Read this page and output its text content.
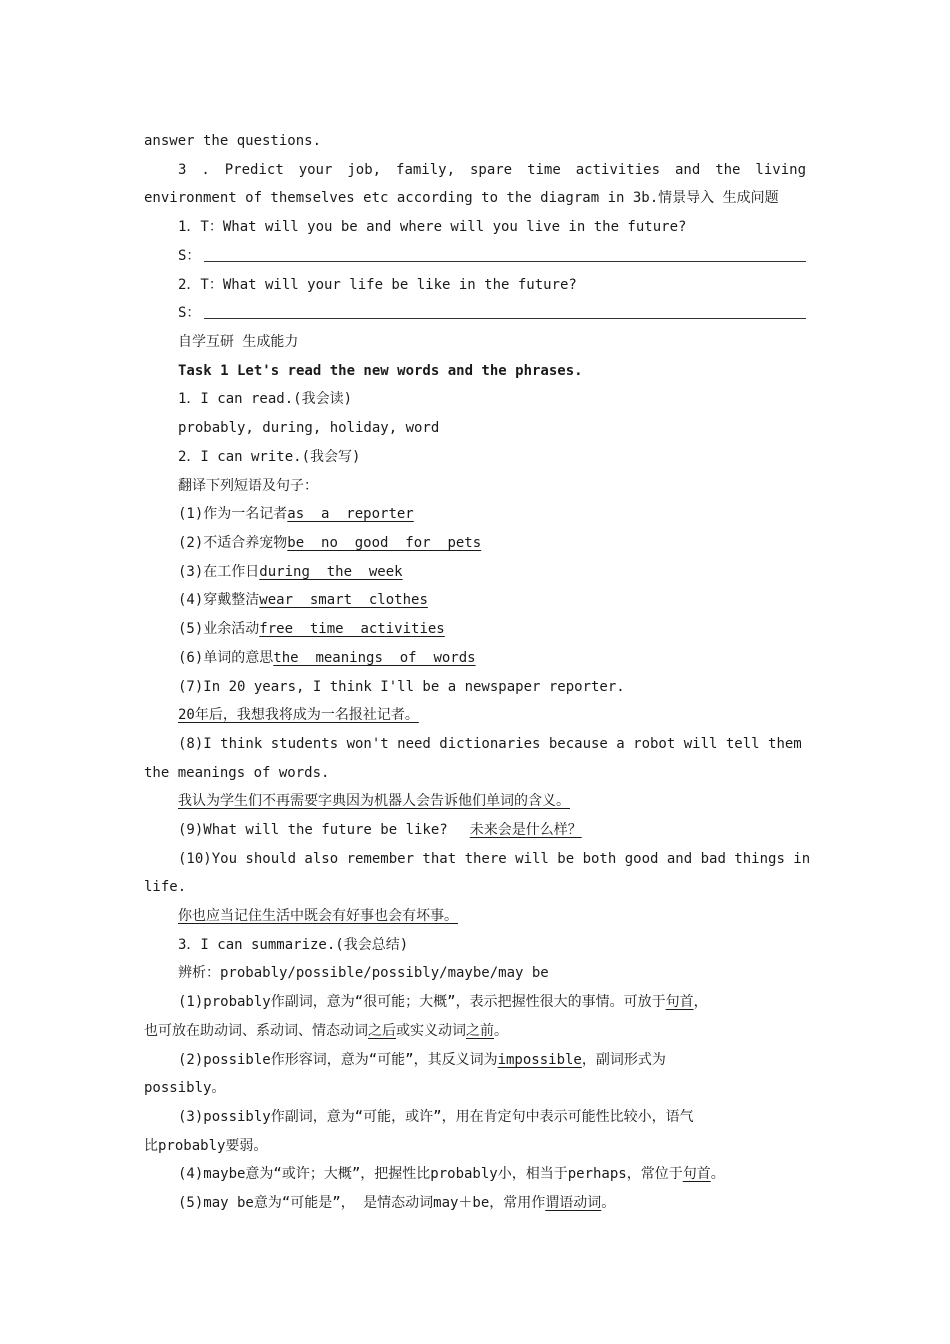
answer the questions.

3 . Predict your job, family, spare time activities and the living

environment of themselves etc according to the diagram in 3b.情景导入 生成问题

1．T：What will you be and where will you live in the future?

S：

2．T：What will your life be like in the future?

S：

自学互研 生成能力

Task 1 Let's read the new words and the phrases.

1．I can read.(我会读)

probably, during, holiday, word

2．I can write.(我会写)

翻译下列短语及句子：

(1)作为一名记者as  a  reporter

(2)不适合养宠物be  no  good  for  pets

(3)在工作日during  the  week

(4)穿戴整洁wear  smart  clothes

(5)业余活动free  time  activities

(6)单词的意思the  meanings  of  words

(7)In 20 years, I think I'll be a newspaper reporter.

20年后，我想我将成为一名报社记者。

(8)I think students won't need dictionaries because a robot will tell them

the meanings of words.

我认为学生们不再需要字典因为机器人会告诉他们单词的含义。

(9)What will the future be like? 未来会是什么样？

(10)You should also remember that there will be both good and bad things in

life.

你也应当记住生活中既会有好事也会有坏事。

3．I can summarize.(我会总结)

辨析：probably/possible/possibly/maybe/may be

(1)probably作副词，意为“很可能；大概”，表示把握性很大的事情。可放于句首，

也可放在助动词、系动词、情态动词之后或实义动词之前。

(2)possible作形容词，意为“可能”，其反义词为impossible，副词形式为

possibly。

(3)possibly作副词，意为“可能，或许”，用在肯定句中表示可能性比较小，语气

比probably要弱。

(4)maybe意为“或许；大概”，把握性比probably小，相当于perhaps，常位于句首。

(5)may be意为“可能是”， 是情态动词may＋be，常用作谓语动词。
